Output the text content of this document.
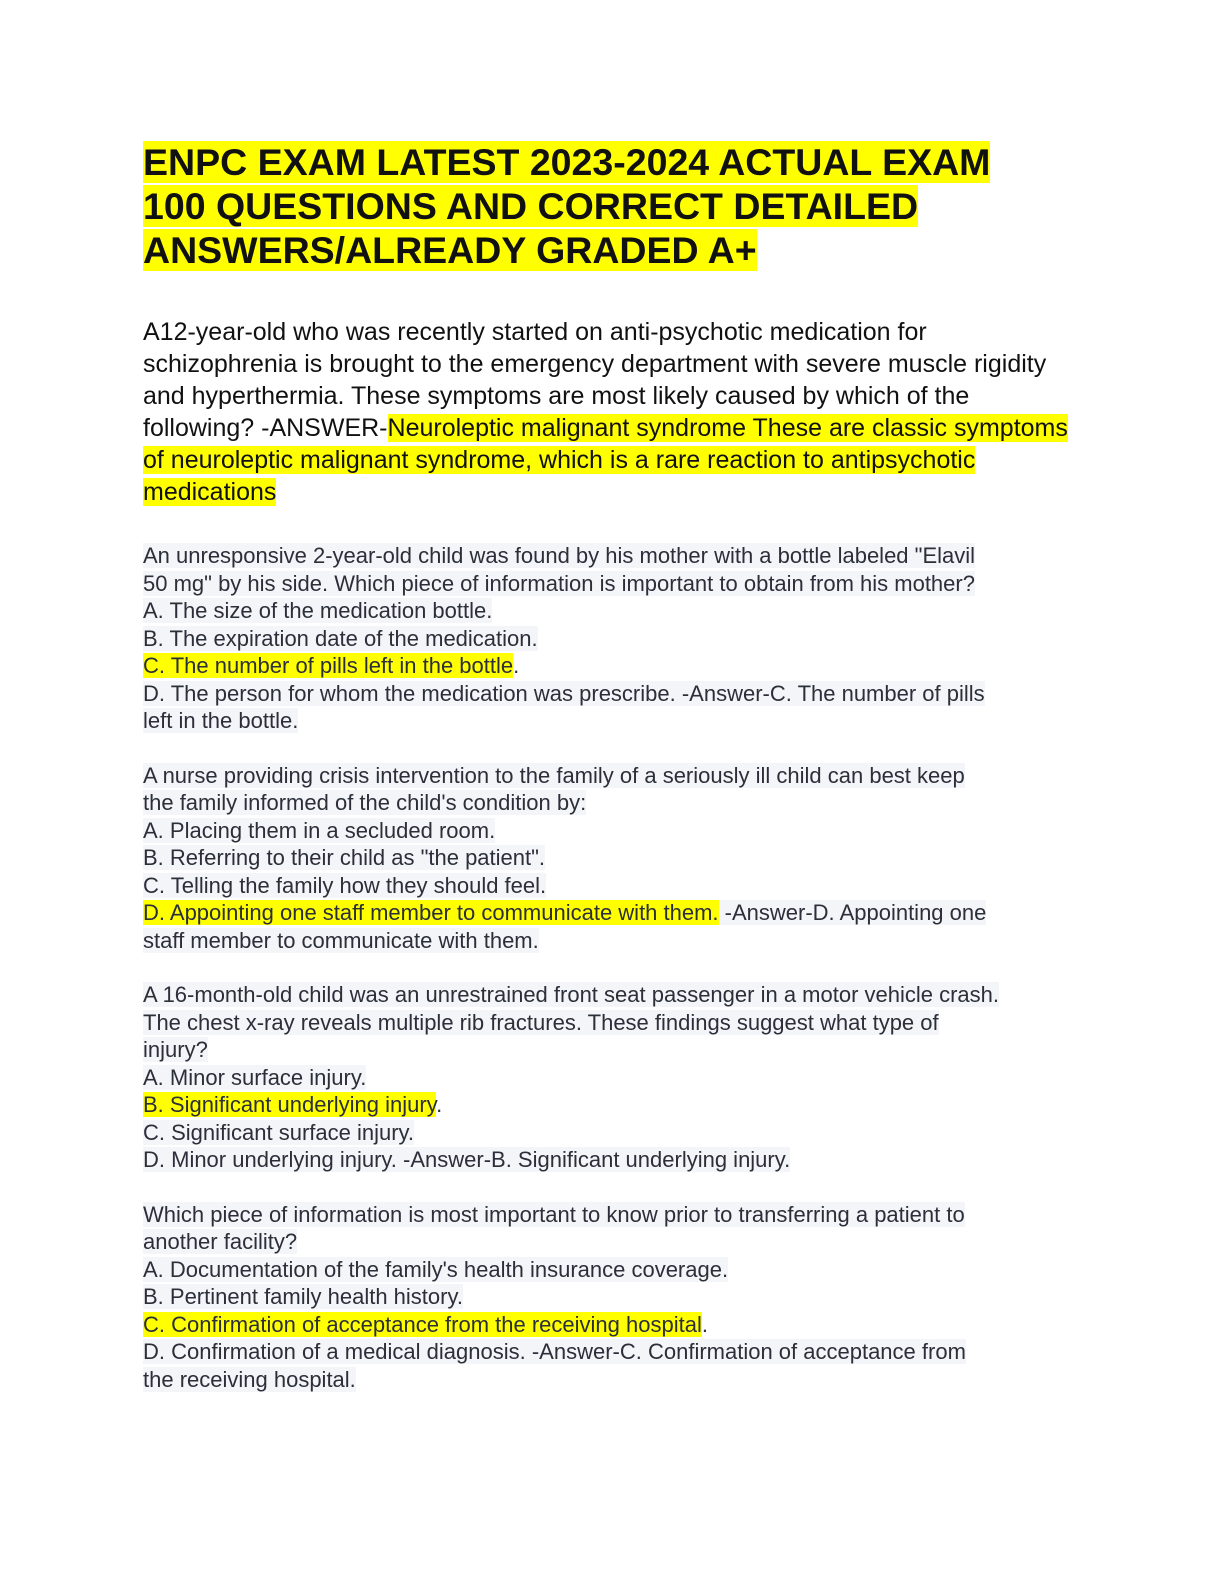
ENPC EXAM LATEST 2023-2024 ACTUAL EXAM
100 QUESTIONS AND CORRECT DETAILED
ANSWERS/ALREADY GRADED A+
A12-year-old who was recently started on anti-psychotic medication for schizophrenia is brought to the emergency department with severe muscle rigidity and hyperthermia. These symptoms are most likely caused by which of the following? -ANSWER-Neuroleptic malignant syndrome These are classic symptoms of neuroleptic malignant syndrome, which is a rare reaction to antipsychotic medications
An unresponsive 2-year-old child was found by his mother with a bottle labeled "Elavil
50 mg" by his side. Which piece of information is important to obtain from his mother?
A. The size of the medication bottle.
B. The expiration date of the medication.
C. The number of pills left in the bottle.
D. The person for whom the medication was prescribe. -Answer-C. The number of pills
left in the bottle.
A nurse providing crisis intervention to the family of a seriously ill child can best keep
the family informed of the child's condition by:
A. Placing them in a secluded room.
B. Referring to their child as "the patient".
C. Telling the family how they should feel.
D. Appointing one staff member to communicate with them. -Answer-D. Appointing one
staff member to communicate with them.
A 16-month-old child was an unrestrained front seat passenger in a motor vehicle crash.
The chest x-ray reveals multiple rib fractures. These findings suggest what type of
injury?
A. Minor surface injury.
B. Significant underlying injury.
C. Significant surface injury.
D. Minor underlying injury. -Answer-B. Significant underlying injury.
Which piece of information is most important to know prior to transferring a patient to
another facility?
A. Documentation of the family's health insurance coverage.
B. Pertinent family health history.
C. Confirmation of acceptance from the receiving hospital.
D. Confirmation of a medical diagnosis. -Answer-C. Confirmation of acceptance from
the receiving hospital.
